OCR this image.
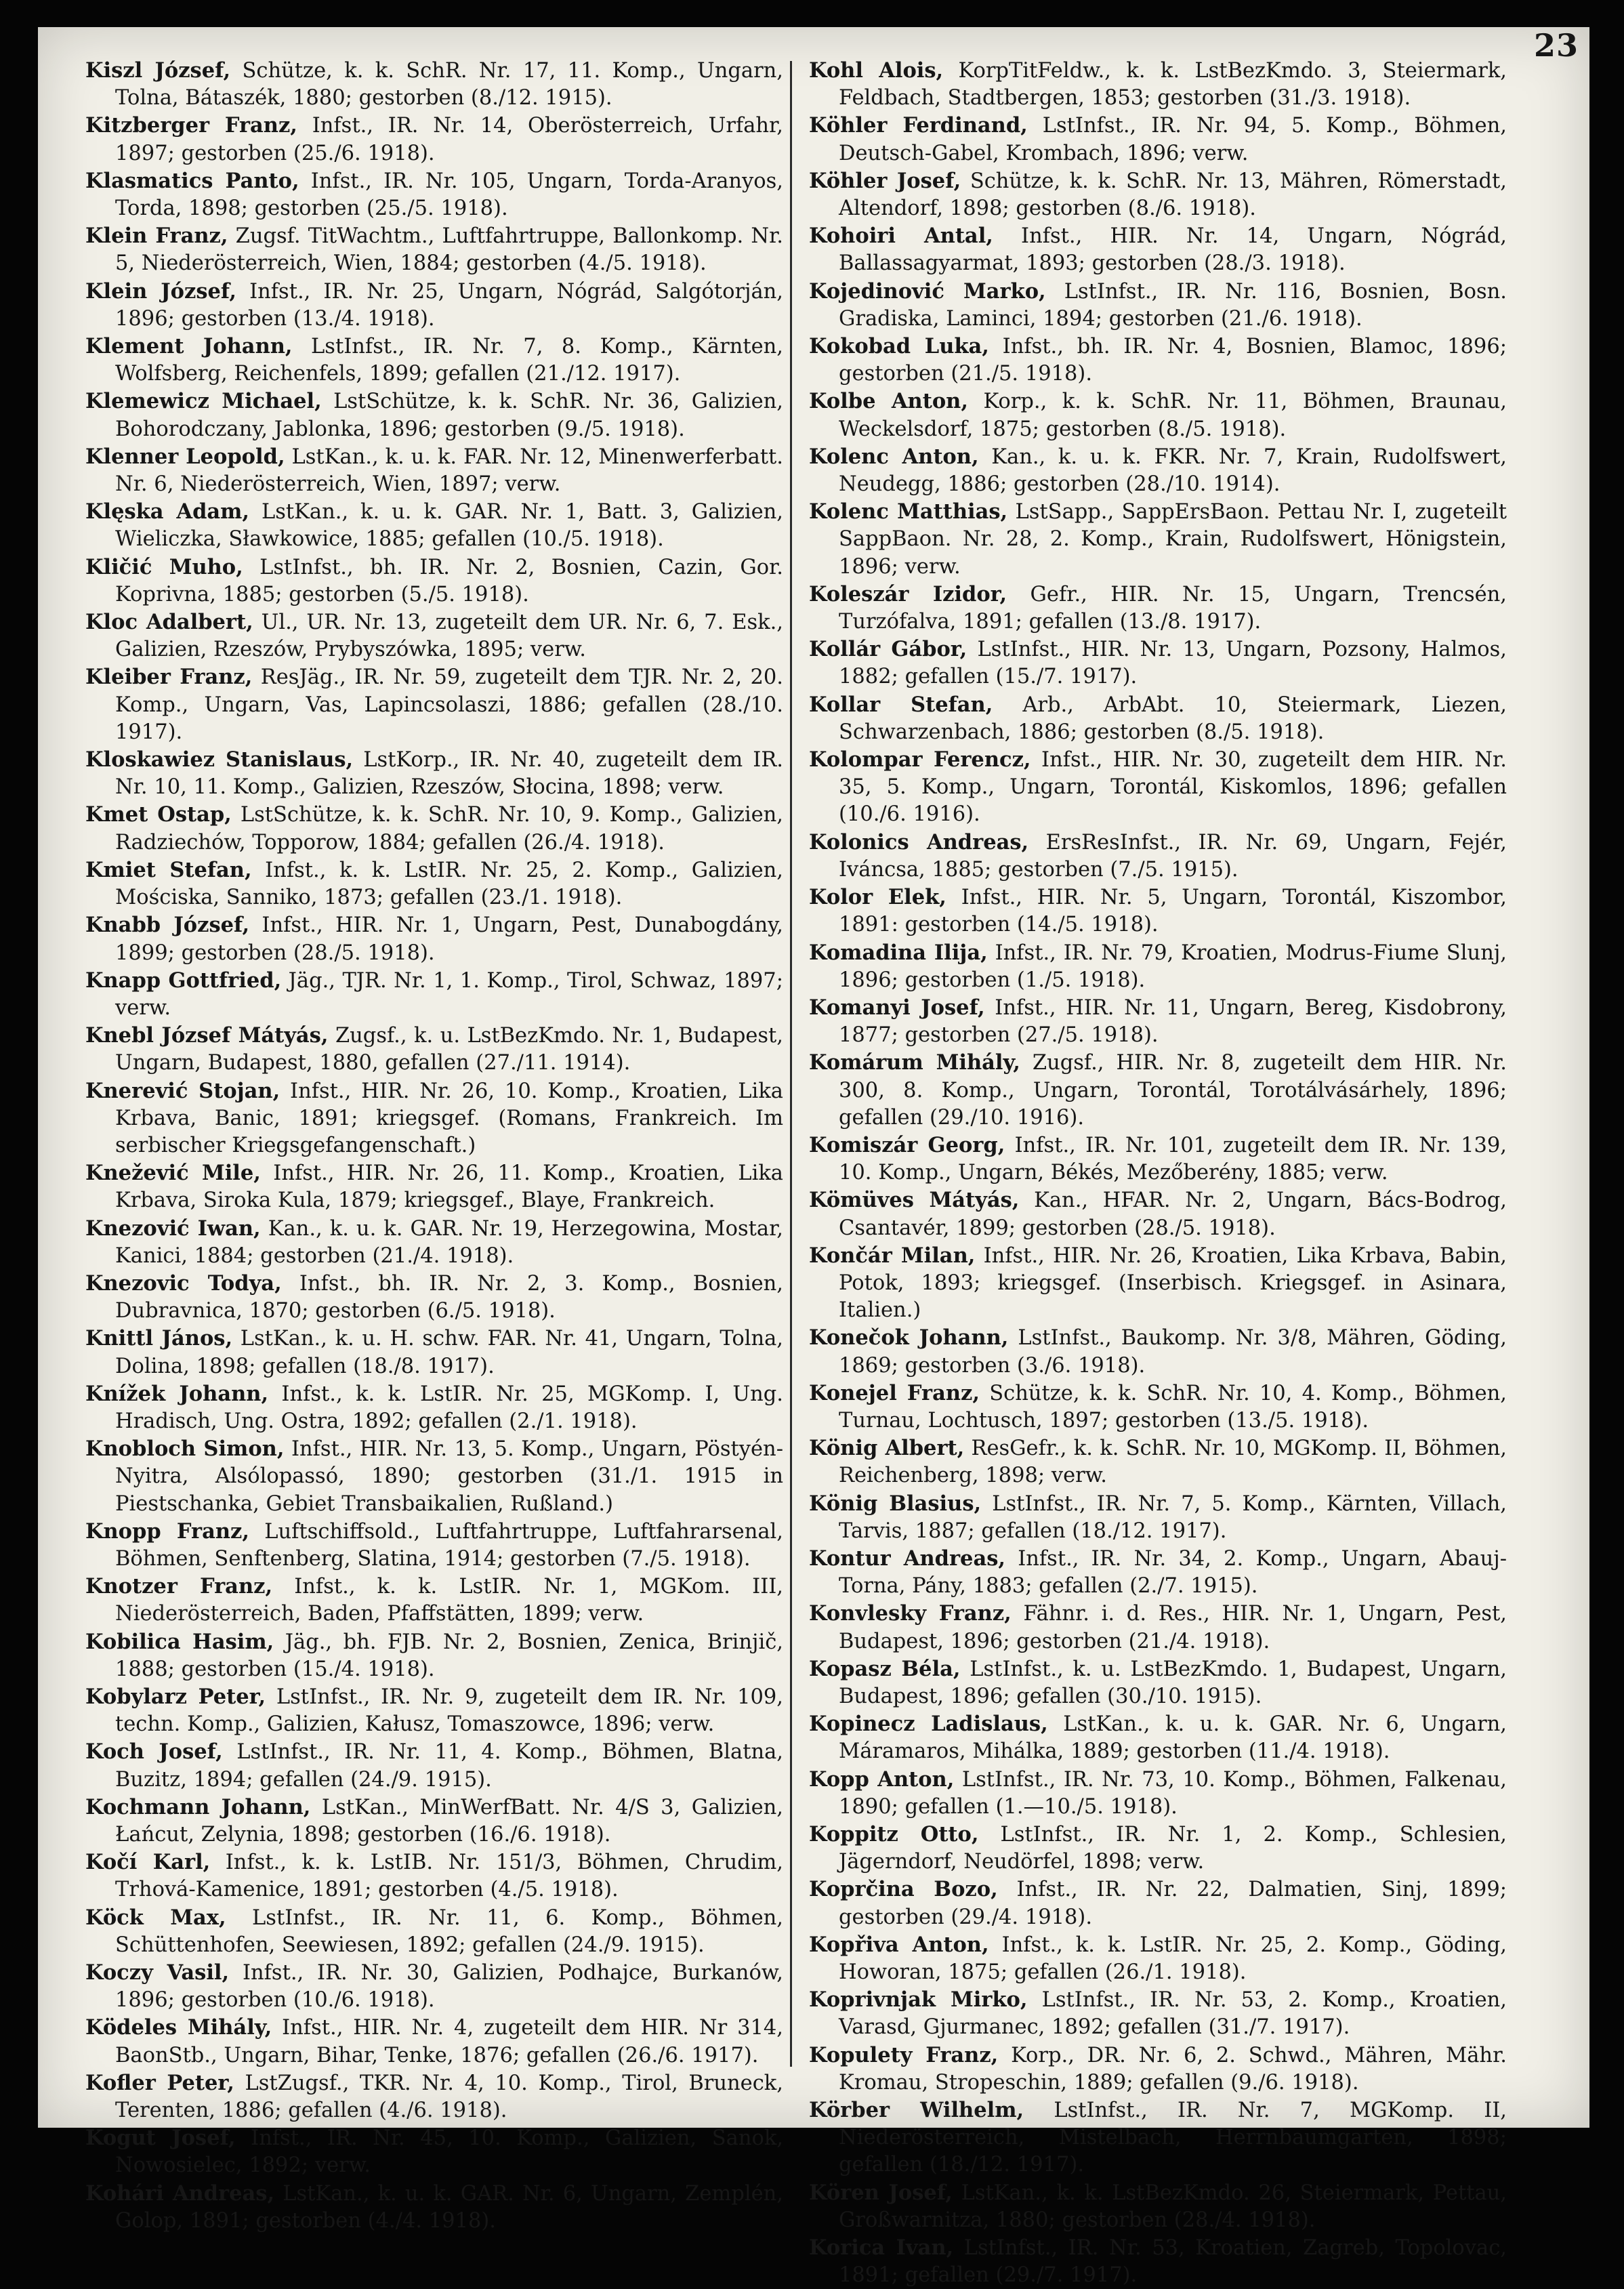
23

Kiszl József, Schütze, k. k. SchR. Nr. 17, 11. Komp., Ungarn, Tolna, Bátaszék, 1880; gestorben (8./12. 1915).

Kitzberger Franz, Infst., IR. Nr. 14, Oberösterreich, Urfahr, 1897; gestorben (25./6. 1918).

Klasmatics Panto, Infst., IR. Nr. 105, Ungarn, Torda-Aranyos, Torda, 1898; gestorben (25./5. 1918).

Klein Franz, Zugsf. TitWachtm., Luftfahrtruppe, Ballonkomp. Nr. 5, Niederösterreich, Wien, 1884; gestorben (4./5. 1918).

Klein József, Infst., IR. Nr. 25, Ungarn, Nógrád, Salgótorján, 1896; gestorben (13./4. 1918).

Klement Johann, LstInfst., IR. Nr. 7, 8. Komp., Kärnten, Wolfsberg, Reichenfels, 1899; gefallen (21./12. 1917).

Klemewicz Michael, LstSchütze, k. k. SchR. Nr. 36, Galizien, Bohorodczany, Jablonka, 1896; gestorben (9./5. 1918).

Klenner Leopold, LstKan., k. u. k. FAR. Nr. 12, Minenwerferbatt. Nr. 6, Niederösterreich, Wien, 1897; verw.

Klęska Adam, LstKan., k. u. k. GAR. Nr. 1, Batt. 3, Galizien, Wieliczka, Sławkowice, 1885; gefallen (10./5. 1918).

Kličić Muho, LstInfst., bh. IR. Nr. 2, Bosnien, Cazin, Gor. Koprivna, 1885; gestorben (5./5. 1918).

Kloc Adalbert, Ul., UR. Nr. 13, zugeteilt dem UR. Nr. 6, 7. Esk., Galizien, Rzeszów, Prybyszówka, 1895; verw.

Kleiber Franz, ResJäg., IR. Nr. 59, zugeteilt dem TJR. Nr. 2, 20. Komp., Ungarn, Vas, Lapincsolaszi, 1886; gefallen (28./10. 1917).

Kloskawiez Stanislaus, LstKorp., IR. Nr. 40, zugeteilt dem IR. Nr. 10, 11. Komp., Galizien, Rzeszów, Słocina, 1898; verw.

Kmet Ostap, LstSchütze, k. k. SchR. Nr. 10, 9. Komp., Galizien, Radziechów, Topporow, 1884; gefallen (26./4. 1918).

Kmiet Stefan, Infst., k. k. LstIR. Nr. 25, 2. Komp., Galizien, Mościska, Sanniko, 1873; gefallen (23./1. 1918).

Knabb József, Infst., HIR. Nr. 1, Ungarn, Pest, Dunabogdány, 1899; gestorben (28./5. 1918).

Knapp Gottfried, Jäg., TJR. Nr. 1, 1. Komp., Tirol, Schwaz, 1897; verw.

Knebl József Mátyás, Zugsf., k. u. LstBezKmdo. Nr. 1, Budapest, Ungarn, Budapest, 1880, gefallen (27./11. 1914).

Knerević Stojan, Infst., HIR. Nr. 26, 10. Komp., Kroatien, Lika Krbava, Banic, 1891; kriegsgef. (Romans, Frankreich. Im serbischer Kriegsgefangenschaft.)

Knežević Mile, Infst., HIR. Nr. 26, 11. Komp., Kroatien, Lika Krbava, Siroka Kula, 1879; kriegsgef., Blaye, Frankreich.

Knezović Iwan, Kan., k. u. k. GAR. Nr. 19, Herzegowina, Mostar, Kanici, 1884; gestorben (21./4. 1918).

Knezovic Todya, Infst., bh. IR. Nr. 2, 3. Komp., Bosnien, Dubravnica, 1870; gestorben (6./5. 1918).

Knittl János, LstKan., k. u. H. schw. FAR. Nr. 41, Ungarn, Tolna, Dolina, 1898; gefallen (18./8. 1917).

Knížek Johann, Infst., k. k. LstIR. Nr. 25, MGKomp. I, Ung. Hradisch, Ung. Ostra, 1892; gefallen (2./1. 1918).

Knobloch Simon, Infst., HIR. Nr. 13, 5. Komp., Ungarn, Pöstyén-Nyitra, Alsólopassó, 1890; gestorben (31./1. 1915 in Piestschanka, Gebiet Transbaikalien, Rußland.)

Knopp Franz, Luftschiffsold., Luftfahrtruppe, Luftfahrarsenal, Böhmen, Senftenberg, Slatina, 1914; gestorben (7./5. 1918).

Knotzer Franz, Infst., k. k. LstIR. Nr. 1, MGKom. III, Niederösterreich, Baden, Pfaffstätten, 1899; verw.

Kobilica Hasim, Jäg., bh. FJB. Nr. 2, Bosnien, Zenica, Brinjič, 1888; gestorben (15./4. 1918).

Kobylarz Peter, LstInfst., IR. Nr. 9, zugeteilt dem IR. Nr. 109, techn. Komp., Galizien, Kałusz, Tomaszowce, 1896; verw.

Koch Josef, LstInfst., IR. Nr. 11, 4. Komp., Böhmen, Blatna, Buzitz, 1894; gefallen (24./9. 1915).

Kochmann Johann, LstKan., MinWerfBatt. Nr. 4/S 3, Galizien, Łańcut, Zelynia, 1898; gestorben (16./6. 1918).

Kočí Karl, Infst., k. k. LstIB. Nr. 151/3, Böhmen, Chrudim, Trhová-Kamenice, 1891; gestorben (4./5. 1918).

Köck Max, LstInfst., IR. Nr. 11, 6. Komp., Böhmen, Schüttenhofen, Seewiesen, 1892; gefallen (24./9. 1915).

Koczy Vasil, Infst., IR. Nr. 30, Galizien, Podhajce, Burkanów, 1896; gestorben (10./6. 1918).

Ködeles Mihály, Infst., HIR. Nr. 4, zugeteilt dem HIR. Nr 314, BaonStb., Ungarn, Bihar, Tenke, 1876; gefallen (26./6. 1917).

Kofler Peter, LstZugsf., TKR. Nr. 4, 10. Komp., Tirol, Bruneck, Terenten, 1886; gefallen (4./6. 1918).

Kogut Josef, Infst., IR. Nr. 45, 10. Komp., Galizien, Sanok, Nowosielec, 1892; verw.

Kohári Andreas, LstKan., k. u. k. GAR. Nr. 6, Ungarn, Zemplén, Golop, 1891; gestorben (4./4. 1918).

Kohl Alois, KorpTitFeldw., k. k. LstBezKmdo. 3, Steiermark, Feldbach, Stadtbergen, 1853; gestorben (31./3. 1918).

Köhler Ferdinand, LstInfst., IR. Nr. 94, 5. Komp., Böhmen, Deutsch-Gabel, Krombach, 1896; verw.

Köhler Josef, Schütze, k. k. SchR. Nr. 13, Mähren, Römerstadt, Altendorf, 1898; gestorben (8./6. 1918).

Kohoiri Antal, Infst., HIR. Nr. 14, Ungarn, Nógrád, Ballassagyarmat, 1893; gestorben (28./3. 1918).

Kojedinović Marko, LstInfst., IR. Nr. 116, Bosnien, Bosn. Gradiska, Laminci, 1894; gestorben (21./6. 1918).

Kokobad Luka, Infst., bh. IR. Nr. 4, Bosnien, Blamoc, 1896; gestorben (21./5. 1918).

Kolbe Anton, Korp., k. k. SchR. Nr. 11, Böhmen, Braunau, Weckelsdorf, 1875; gestorben (8./5. 1918).

Kolenc Anton, Kan., k. u. k. FKR. Nr. 7, Krain, Rudolfswert, Neudegg, 1886; gestorben (28./10. 1914).

Kolenc Matthias, LstSapp., SappErsBaon. Pettau Nr. I, zugeteilt SappBaon. Nr. 28, 2. Komp., Krain, Rudolfswert, Hönigstein, 1896; verw.

Koleszár Izidor, Gefr., HIR. Nr. 15, Ungarn, Trencsén, Turzófalva, 1891; gefallen (13./8. 1917).

Kollár Gábor, LstInfst., HIR. Nr. 13, Ungarn, Pozsony, Halmos, 1882; gefallen (15./7. 1917).

Kollar Stefan, Arb., ArbAbt. 10, Steiermark, Liezen, Schwarzenbach, 1886; gestorben (8./5. 1918).

Kolompar Ferencz, Infst., HIR. Nr. 30, zugeteilt dem HIR. Nr. 35, 5. Komp., Ungarn, Torontál, Kiskomlos, 1896; gefallen (10./6. 1916).

Kolonics Andreas, ErsResInfst., IR. Nr. 69, Ungarn, Fejér, Iváncsa, 1885; gestorben (7./5. 1915).

Kolor Elek, Infst., HIR. Nr. 5, Ungarn, Torontál, Kiszombor, 1891: gestorben (14./5. 1918).

Komadina Ilija, Infst., IR. Nr. 79, Kroatien, Modrus-Fiume Slunj, 1896; gestorben (1./5. 1918).

Komanyi Josef, Infst., HIR. Nr. 11, Ungarn, Bereg, Kisdobrony, 1877; gestorben (27./5. 1918).

Komárum Mihály, Zugsf., HIR. Nr. 8, zugeteilt dem HIR. Nr. 300, 8. Komp., Ungarn, Torontál, Torotálvásárhely, 1896; gefallen (29./10. 1916).

Komiszár Georg, Infst., IR. Nr. 101, zugeteilt dem IR. Nr. 139, 10. Komp., Ungarn, Békés, Mezőberény, 1885; verw.

Kömüves Mátyás, Kan., HFAR. Nr. 2, Ungarn, Bács-Bodrog, Csantavér, 1899; gestorben (28./5. 1918).

Končár Milan, Infst., HIR. Nr. 26, Kroatien, Lika Krbava, Babin, Potok, 1893; kriegsgef. (Inserbisch. Kriegsgef. in Asinara, Italien.)

Konečok Johann, LstInfst., Baukomp. Nr. 3/8, Mähren, Göding, 1869; gestorben (3./6. 1918).

Konejel Franz, Schütze, k. k. SchR. Nr. 10, 4. Komp., Böhmen, Turnau, Lochtusch, 1897; gestorben (13./5. 1918).

König Albert, ResGefr., k. k. SchR. Nr. 10, MGKomp. II, Böhmen, Reichenberg, 1898; verw.

König Blasius, LstInfst., IR. Nr. 7, 5. Komp., Kärnten, Villach, Tarvis, 1887; gefallen (18./12. 1917).

Kontur Andreas, Infst., IR. Nr. 34, 2. Komp., Ungarn, Abauj-Torna, Pány, 1883; gefallen (2./7. 1915).

Konvlesky Franz, Fähnr. i. d. Res., HIR. Nr. 1, Ungarn, Pest, Budapest, 1896; gestorben (21./4. 1918).

Kopasz Béla, LstInfst., k. u. LstBezKmdo. 1, Budapest, Ungarn, Budapest, 1896; gefallen (30./10. 1915).

Kopinecz Ladislaus, LstKan., k. u. k. GAR. Nr. 6, Ungarn, Máramaros, Mihálka, 1889; gestorben (11./4. 1918).

Kopp Anton, LstInfst., IR. Nr. 73, 10. Komp., Böhmen, Falkenau, 1890; gefallen (1.—10./5. 1918).

Koppitz Otto, LstInfst., IR. Nr. 1, 2. Komp., Schlesien, Jägerndorf, Neudörfel, 1898; verw.

Koprčina Bozo, Infst., IR. Nr. 22, Dalmatien, Sinj, 1899; gestorben (29./4. 1918).

Kopřiva Anton, Infst., k. k. LstIR. Nr. 25, 2. Komp., Göding, Howoran, 1875; gefallen (26./1. 1918).

Koprivnjak Mirko, LstInfst., IR. Nr. 53, 2. Komp., Kroatien, Varasd, Gjurmanec, 1892; gefallen (31./7. 1917).

Kopulety Franz, Korp., DR. Nr. 6, 2. Schwd., Mähren, Mähr. Kromau, Stropeschin, 1889; gefallen (9./6. 1918).

Körber Wilhelm, LstInfst., IR. Nr. 7, MGKomp. II, Niederösterreich, Mistelbach, Herrnbaumgarten, 1898; gefallen (18./12. 1917).

Kören Josef, LstKan., k. k. LstBezKmdo. 26, Steiermark, Pettau, Großwarnitza, 1880; gestorben (28./4. 1918).

Korica Ivan, LstInfst., IR. Nr. 53, Kroatien, Zagreb, Topolovac, 1891; gefallen (29./7. 1917).
